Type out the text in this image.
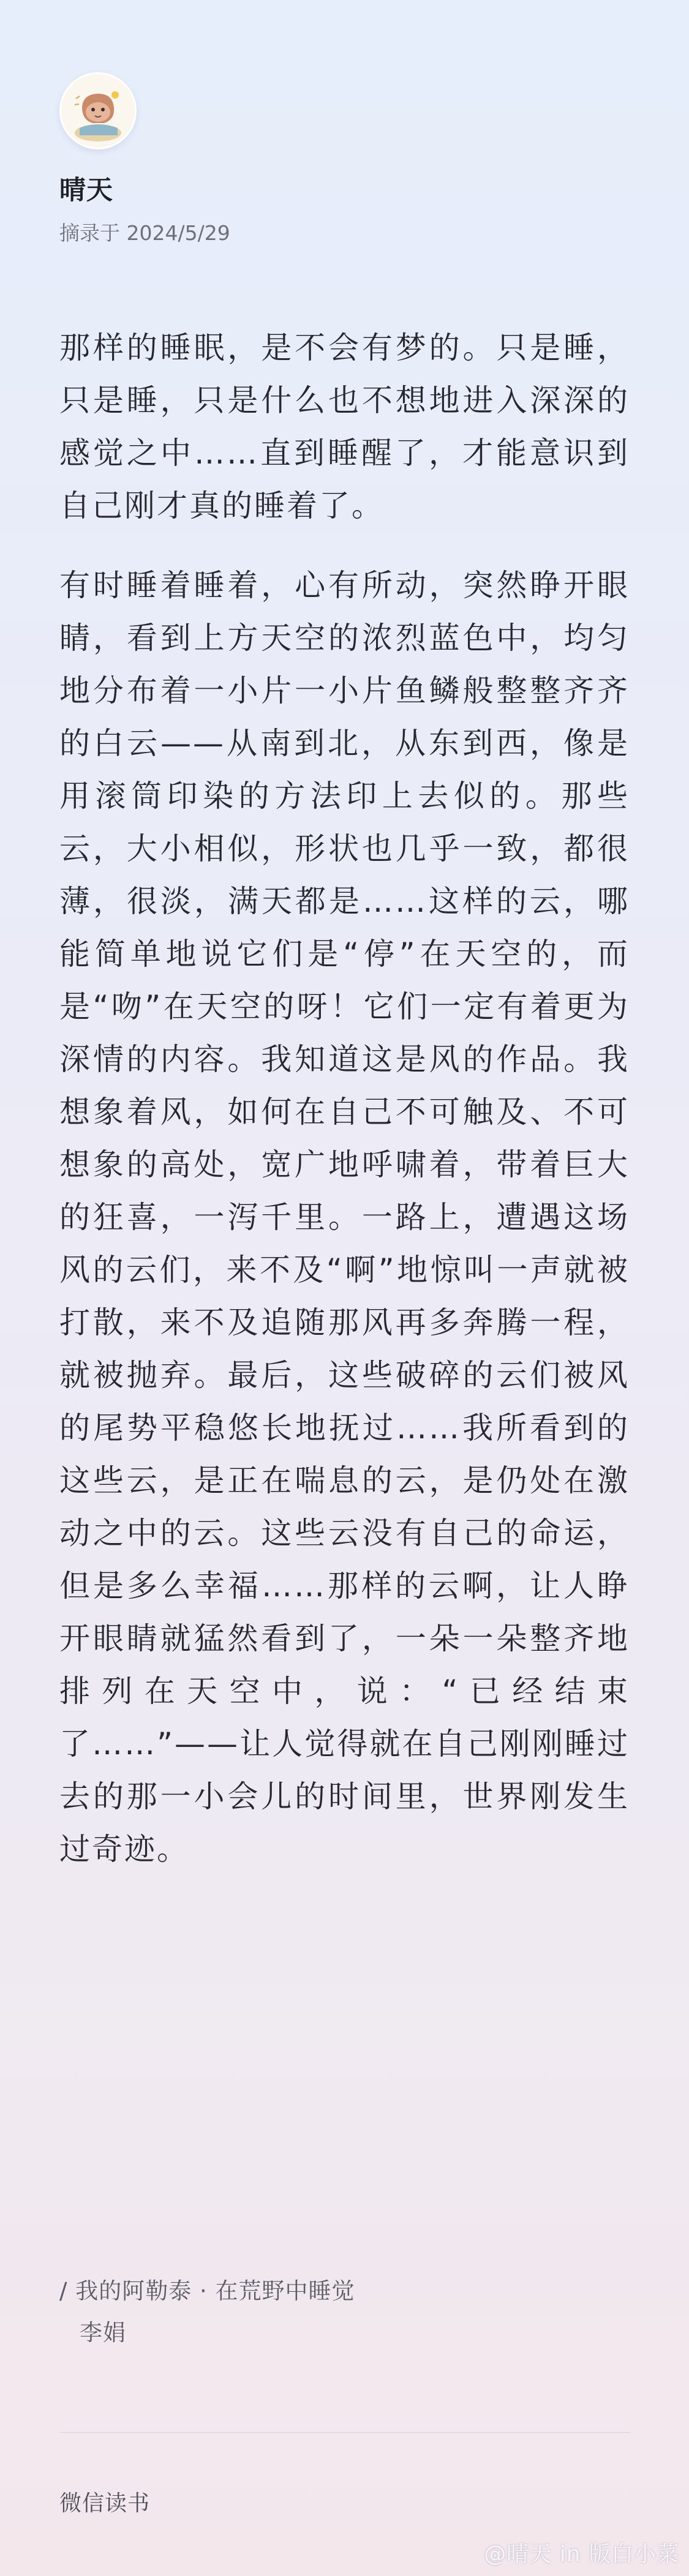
晴天
摘录于 2024/5/29

那样的睡眠，是不会有梦的。只是睡，只是睡，只是什么也不想地进入深深的感觉之中……直到睡醒了，才能意识到自己刚才真的睡着了。

有时睡着睡着，心有所动，突然睁开眼睛，看到上方天空的浓烈蓝色中，均匀地分布着一小片一小片鱼鳞般整整齐齐的白云——从南到北，从东到西，像是用滚筒印染的方法印上去似的。那些云，大小相似，形状也几乎一致，都很薄，很淡，满天都是……这样的云，哪能简单地说它们是“停”在天空的，而是“吻”在天空的呀！它们一定有着更为深情的内容。我知道这是风的作品。我想象着风，如何在自己不可触及、不可想象的高处，宽广地呼啸着，带着巨大的狂喜，一泻千里。一路上，遭遇这场风的云们，来不及“啊”地惊叫一声就被打散，来不及追随那风再多奔腾一程，就被抛弃。最后，这些破碎的云们被风的尾势平稳悠长地抚过……我所看到的这些云，是正在喘息的云，是仍处在激动之中的云。这些云没有自己的命运，但是多么幸福……那样的云啊，让人睁开眼睛就猛然看到了，一朵一朵整齐地排列在天空中，说：“已经结束了……”——让人觉得就在自己刚刚睡过去的那一小会儿的时间里，世界刚发生过奇迹。

/ 我的阿勒泰 · 在荒野中睡觉
李娟
微信读书
@晴天 in 版白小菜
